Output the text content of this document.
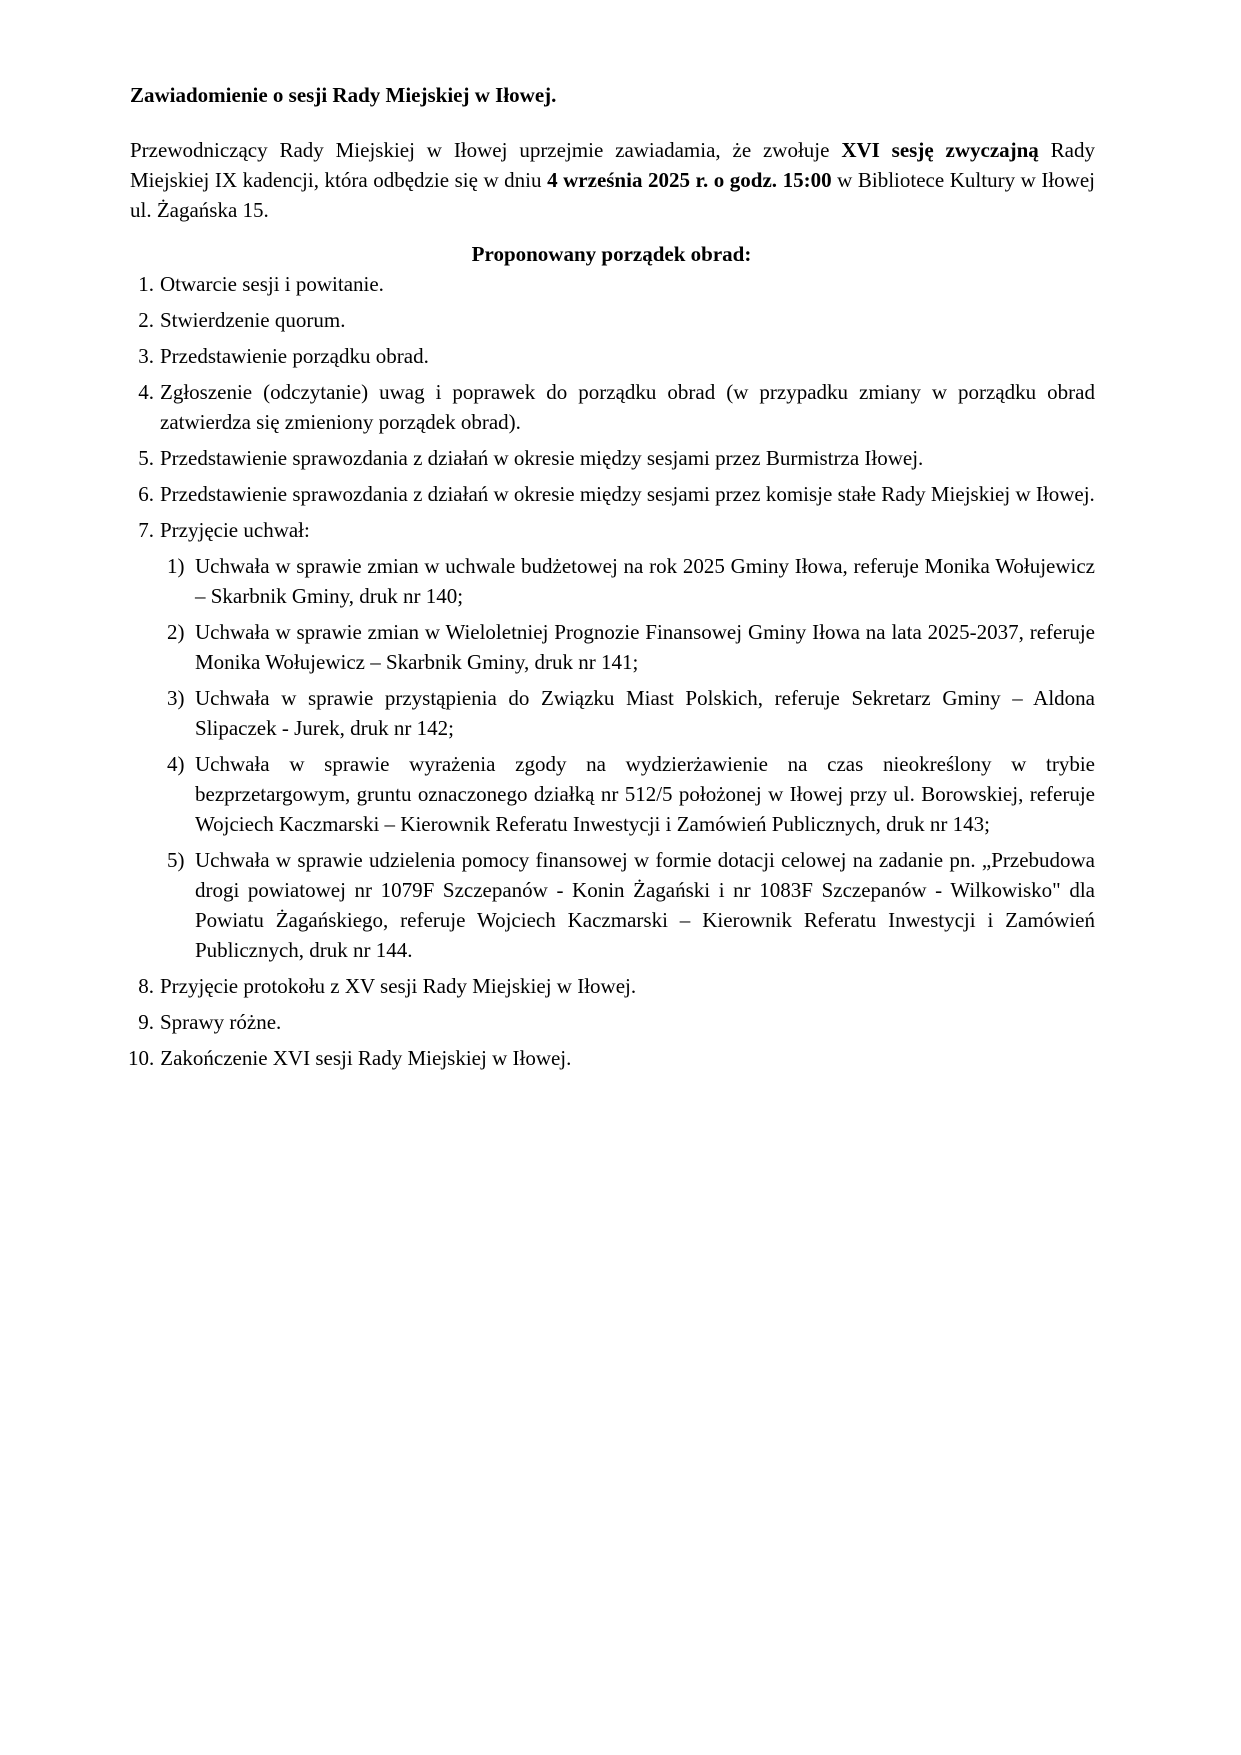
Zawiadomienie o sesji Rady Miejskiej w Iłowej.

Przewodniczący Rady Miejskiej w Iłowej uprzejmie zawiadamia, że zwołuje XVI sesję zwyczajną Rady Miejskiej IX kadencji, która odbędzie się w dniu 4 września 2025 r. o godz. 15:00 w Bibliotece Kultury w Iłowej ul. Żagańska 15.

Proponowany porządek obrad:
1. Otwarcie sesji i powitanie.
2. Stwierdzenie quorum.
3. Przedstawienie porządku obrad.
4. Zgłoszenie (odczytanie) uwag i poprawek do porządku obrad (w przypadku zmiany w porządku obrad zatwierdza się zmieniony porządek obrad).
5. Przedstawienie sprawozdania z działań w okresie między sesjami przez Burmistrza Iłowej.
6. Przedstawienie sprawozdania z działań w okresie między sesjami przez komisje stałe Rady Miejskiej w Iłowej.
7. Przyjęcie uchwał:
1) Uchwała w sprawie zmian w uchwale budżetowej na rok 2025 Gminy Iłowa, referuje Monika Wołujewicz – Skarbnik Gminy, druk nr 140;
2) Uchwała w sprawie zmian w Wieloletniej Prognozie Finansowej Gminy Iłowa na lata 2025-2037, referuje Monika Wołujewicz – Skarbnik Gminy, druk nr 141;
3) Uchwała w sprawie przystąpienia do Związku Miast Polskich, referuje Sekretarz Gminy – Aldona Slipaczek - Jurek, druk nr 142;
4) Uchwała w sprawie wyrażenia zgody na wydzierżawienie na czas nieokreślony w trybie bezprzetargowym, gruntu oznaczonego działką nr 512/5 położonej w Iłowej przy ul. Borowskiej, referuje Wojciech Kaczmarski – Kierownik Referatu Inwestycji i Zamówień Publicznych, druk nr 143;
5) Uchwała w sprawie udzielenia pomocy finansowej w formie dotacji celowej na zadanie pn. „Przebudowa drogi powiatowej nr 1079F Szczepanów - Konin Żagański i nr 1083F Szczepanów - Wilkowisko" dla Powiatu Żagańskiego, referuje Wojciech Kaczmarski – Kierownik Referatu Inwestycji i Zamówień Publicznych, druk nr 144.
8. Przyjęcie protokołu z XV sesji Rady Miejskiej w Iłowej.
9. Sprawy różne.
10. Zakończenie XVI sesji Rady Miejskiej w Iłowej.
